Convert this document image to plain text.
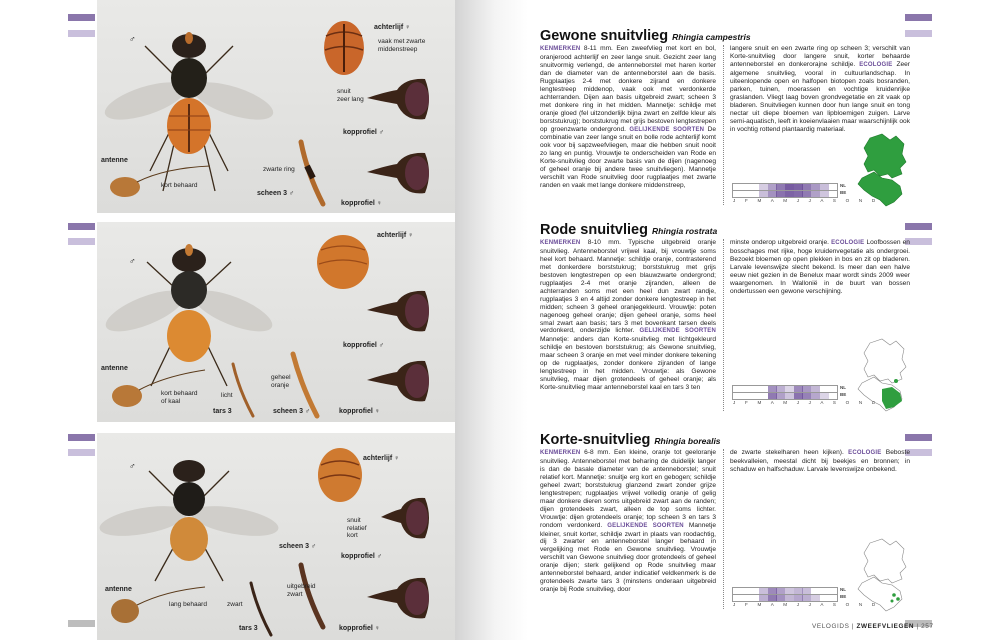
♂
achterlijf ♀
vaak met zwarte
middenstreep
snuit
zeer lang
kopprofiel ♂
antenne
kort behaard
zwarte ring
scheen 3 ♂
kopprofiel ♀
♂
achterlijf ♀
kopprofiel ♂
antenne
kort behaard
of kaal
licht
tars 3
geheel
oranje
scheen 3 ♂	kopprofiel ♀
♂
achterlijf ♀
snuit
relatief
kort
scheen 3 ♂
kopprofiel ♂
antenne
lang behaard	zwart
tars 3
uitgebreid
zwart
kopprofiel ♀
Gewone snuitvlieg Rhingia campestris
KENMERKEN 8-11 mm. Een zweefvlieg met kort en bol, oranjerood achterlijf en zeer lange snuit. Gezicht zeer lang snuitvormig verlengd, de antenneborstel met haren korter dan de diameter van de antenneborstel aan de basis. Rugplaatjes 2-4 met donkere zijrand en donkere lengtestreep middenop, vaak ook met verdonkerde achterranden. Dijen aan basis uitgebreid zwart; scheen 3 met donkere ring in het midden. Mannetje: schildje met oranje gloed (fel uitzonderlijk bijna zwart en zelfde kleur als borststukrug); borststukrug met grijs bestoven lengtestrepen op groenzwarte ondergrond. GELIJKENDE SOORTEN De combinatie van zeer lange snuit en bolle rode achterlijf komt ook voor bij sapzweefvliegen, maar die hebben snuit nooit zo lang en puntig. Vrouwtje te onderscheiden van Rode en Korte-snuitvlieg door zwarte basis van de dijen (nagenoeg of geheel oranje bij andere twee snuitvliegen). Mannetje verschilt van Rode snuitvlieg door rugplaatjes met zwarte randen en vaak met lange donkere middenstreep,
langere snuit en een zwarte ring op scheen 3; verschilt van Korte-snuitvlieg door langere snuit, korter behaarde antenneborstel en donkerorajne schildje. ECOLOGIE Zeer algemene snuitvlieg, vooral in cultuurlandschap. In uiteenlopende open en halfopen biotopen zoals bosranden, parken, tuinen, moerassen en vochtige kruidenrijke graslanden. Vliegt laag boven grondvegetatie en zit vaak op bladeren. Snuitvliegen kunnen door hun lange snuit en tong nectar uit diepe bloemen van lipbloemigen zuigen. Larve semi-aquatisch, leeft in koeienvlaaien maar waarschijnlijk ook in vochtig rottend plantaardig materiaal.
NL
BE
J F M A M J J A S O N D
Rode snuitvlieg Rhingia rostrata
KENMERKEN 8-10 mm. Typische uitgebreid oranje snuitvlieg. Antenneborstel vrijwel kaal, bij vrouwtje soms heel kort behaard. Mannetje: schildje oranje, contrasterend met donkerdere borststukrug; borststukrug met grijs bestoven lengtestrepen op een blauwzwarte ondergrond; rugplaatjes 2-4 met oranje zijranden, alleen de achterranden soms met een heel dun zwart randje, rugplaatjes 3 en 4 altijd zonder donkere lengtestreep in het midden; scheen 3 geheel oranjegekleurd. Vrouwtje: poten nagenoeg geheel oranje; dijen geheel oranje, soms heel smal zwart aan basis; tars 3 met bovenkant tarsen deels verdonkerd, onderzijde lichter. GELIJKENDE SOORTEN Mannetje: anders dan Korte-snuitvlieg met lichtgekleurd schildje en bestoven borststukrug; als Gewone snuitvlieg, maar scheen 3 oranje en met veel minder donkere tekening op de rugplaatjes, zonder donkere zijranden of lange lengtestreep in het midden. Vrouwtje: als Gewone snuitvlieg, maar dijen grotendeels of geheel oranje; als Korte-snuitvlieg maar antenneborstel kaal en tars 3 ten
minste onderop uitgebreid oranje. ECOLOGIE Loofbossen en bosschages met rijke, hoge kruidenvegetatie als ondergroei. Bezoekt bloemen op open plekken in bos en zit op bladeren. Larvale levenswijze slecht bekend. Is meer dan een halve eeuw niet gezien in de Benelux maar wordt sinds 2009 weer waargenomen. In Wallonië in de buurt van bossen ondertussen een gewone verschijning.
NL
BE
J F M A M J J A S O N D
Korte-snuitvlieg Rhingia borealis
KENMERKEN 6-8 mm. Een kleine, oranje tot geeloranje snuitvlieg. Antenneborstel met beharing de duidelijk langer is dan de basale diameter van de antenneborstel; snuit relatief kort. Mannetje: snuitje erg kort en gebogen; schildje geheel zwart; borststukrug glanzend zwart zonder grijze lengtestrepen; rugplaatjes vrijwel volledig oranje of gelig maar donkere dieren soms uitgebreid zwart aan de randen; dijen grotendeels zwart, alleen de top soms lichter. Vrouwtje: dijen grotendeels oranje; top scheen 3 en tars 3 rondom verdonkerd. GELIJKENDE SOORTEN Mannetje kleiner, snuit korter, schildje zwart in plaats van roodachtig, dij 3 zwarter en antenneborstel langer behaard in vergelijking met Rode en Gewone snuitvlieg. Vrouwtje verschilt van Gewone snuitvlieg door grotendeels of geheel oranje dijen; sterk gelijkend op Rode snuitvlieg maar antenneborstel behaard, ander indicatief veldkenmerk is de grotendeels zwarte tars 3 (minstens onderaan uitgebreid oranje bij Rode snuitvlieg, door
de zwarte stekelharen heen kijken). ECOLOGIE Beboste beekvalleien, meestal dicht bij beekjes en bronnen; in schaduw en halfschaduw. Larvale levenswijze onbekend.
NL
BE
J F M A M J J A S O N D
VELOGIDS | ZWEEFVLIEGEN | 257
